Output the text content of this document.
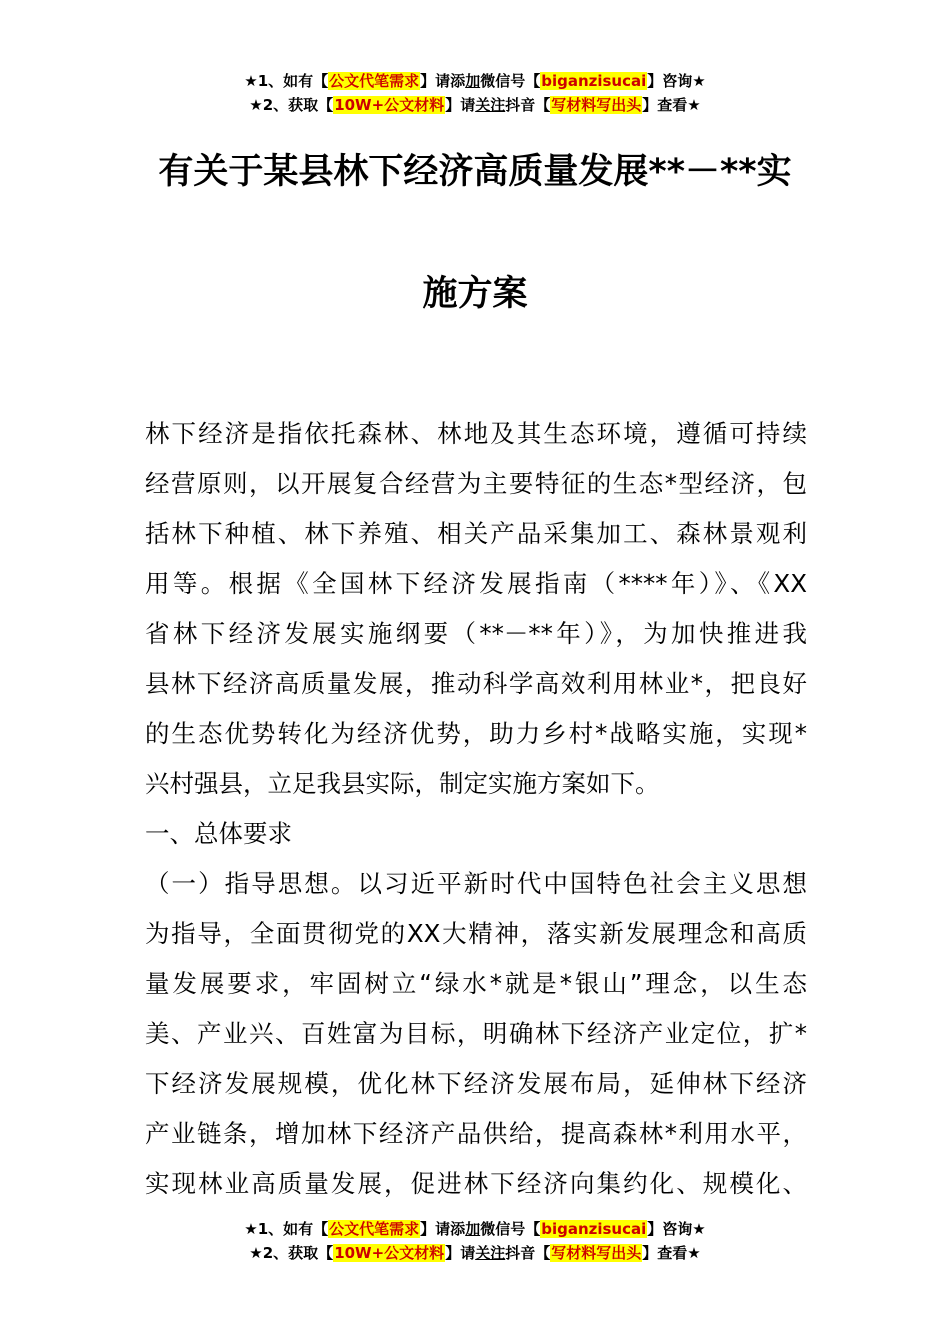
★1、如有【公文代笔需求】请添加微信号【biganzisucai】咨询★
★2、获取【10W+公文材料】请关注抖音【写材料写出头】查看★
有关于某县林下经济高质量发展**－**实
施方案
林下经济是指依托森林、林地及其生态环境，遵循可持续
经营原则，以开展复合经营为主要特征的生态*型经济，包
括林下种植、林下养殖、相关产品采集加工、森林景观利
用等。根据《全国林下经济发展指南（****年）》、《XX
省林下经济发展实施纲要（**－**年）》，为加快推进我
县林下经济高质量发展，推动科学高效利用林业*，把良好
的生态优势转化为经济优势，助力乡村*战略实施，实现*
兴村强县，立足我县实际，制定实施方案如下。
一、总体要求
（一）指导思想。以习近平新时代中国特色社会主义思想
为指导，全面贯彻党的XX大精神，落实新发展理念和高质
量发展要求，牢固树立“绿水*就是*银山”理念，以生态
美、产业兴、百姓富为目标，明确林下经济产业定位，扩*
下经济发展规模，优化林下经济发展布局，延伸林下经济
产业链条，增加林下经济产品供给，提高森林*利用水平，
实现林业高质量发展，促进林下经济向集约化、规模化、
★1、如有【公文代笔需求】请添加微信号【biganzisucai】咨询★
★2、获取【10W+公文材料】请关注抖音【写材料写出头】查看★
